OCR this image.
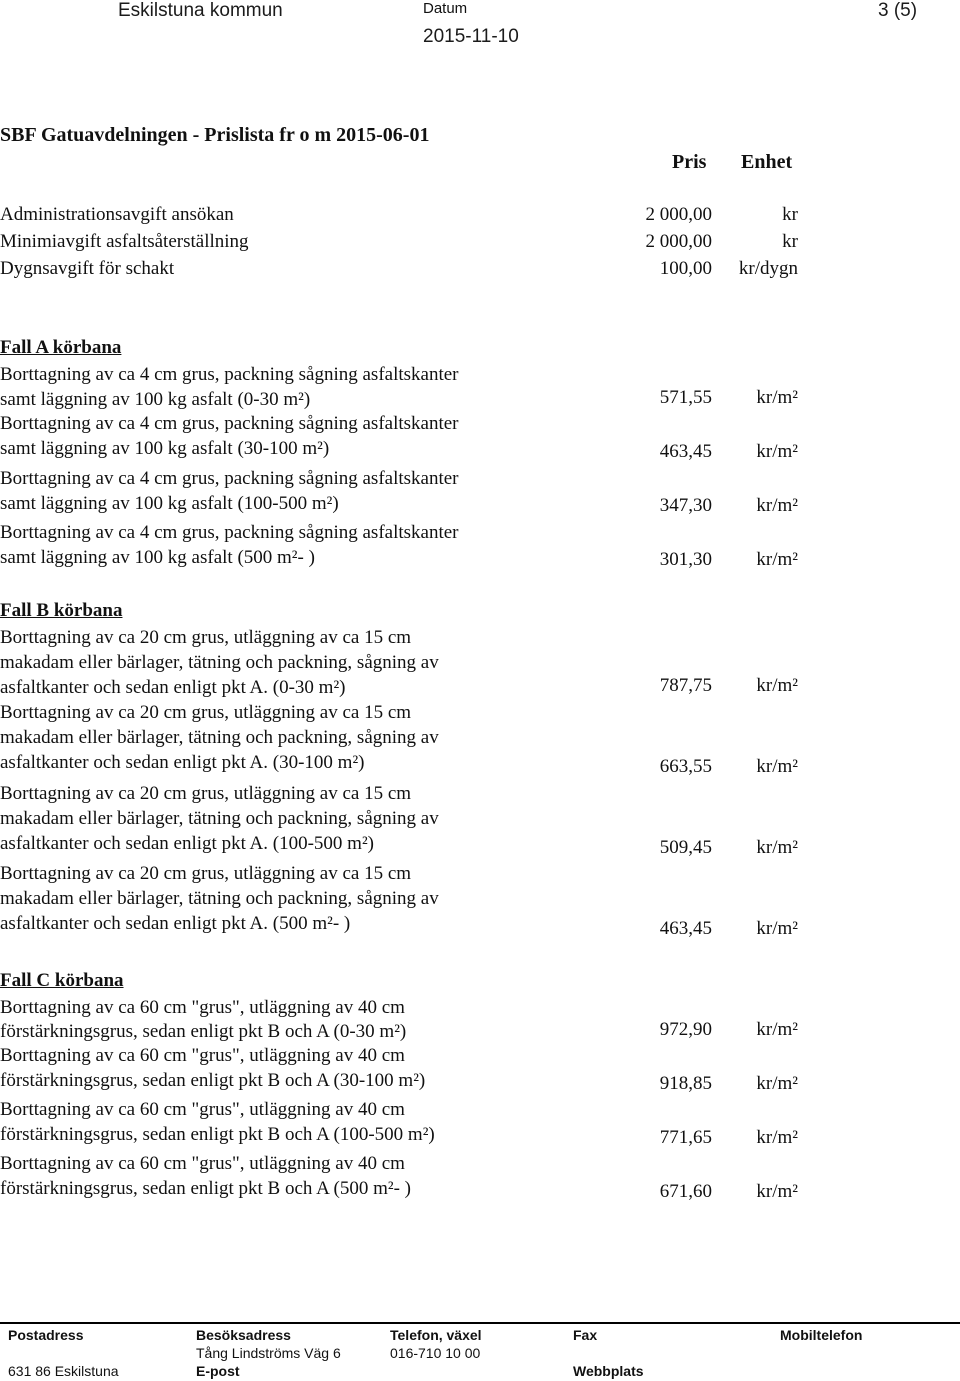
Eskilstuna kommun	Datum
2015-11-10
3 (5)
SBF Gatuavdelningen - Prislista fr o m 2015-06-01
Pris Enhet
Administrationsavgift ansökan	2 000,00	kr
Minimiavgift asfaltsåterställning	2 000,00	kr
Dygnsavgift för schakt	100,00	kr/dygn
Fall A körbana
Borttagning av ca 4 cm grus, packning sågning asfaltskanter
samt läggning av 100 kg asfalt (0-30 m²)	571,55	kr/m²
Borttagning av ca 4 cm grus, packning sågning asfaltskanter
samt läggning av 100 kg asfalt (30-100 m²)	463,45	kr/m²
Borttagning av ca 4 cm grus, packning sågning asfaltskanter
samt läggning av 100 kg asfalt (100-500 m²)	347,30	kr/m²
Borttagning av ca 4 cm grus, packning sågning asfaltskanter
samt läggning av 100 kg asfalt (500 m²- )	301,30	kr/m²
Fall B körbana
Borttagning av ca 20 cm grus, utläggning av ca 15 cm
makadam eller bärlager, tätning och packning, sågning av
asfaltkanter och sedan enligt pkt A. (0-30 m²)	787,75	kr/m²
Borttagning av ca 20 cm grus, utläggning av ca 15 cm
makadam eller bärlager, tätning och packning, sågning av
asfaltkanter och sedan enligt pkt A. (30-100 m²)	663,55	kr/m²
Borttagning av ca 20 cm grus, utläggning av ca 15 cm
makadam eller bärlager, tätning och packning, sågning av
asfaltkanter och sedan enligt pkt A. (100-500 m²)	509,45	kr/m²
Borttagning av ca 20 cm grus, utläggning av ca 15 cm
makadam eller bärlager, tätning och packning, sågning av
asfaltkanter och sedan enligt pkt A. (500 m²- )	463,45	kr/m²
Fall C körbana
Borttagning av ca 60 cm "grus", utläggning av 40 cm
förstärkningsgrus, sedan enligt pkt B och A (0-30 m²)	972,90	kr/m²
Borttagning av ca 60 cm "grus", utläggning av 40 cm
förstärkningsgrus, sedan enligt pkt B och A (30-100 m²)	918,85	kr/m²
Borttagning av ca 60 cm "grus", utläggning av 40 cm
förstärkningsgrus, sedan enligt pkt B och A (100-500 m²)	771,65	kr/m²
Borttagning av ca 60 cm "grus", utläggning av 40 cm
förstärkningsgrus, sedan enligt pkt B och A (500 m²- )	671,60	kr/m²
Postadress
631 86 Eskilstuna
Besöksadress
Tång Lindströms Väg 6
E-post
Telefon, växel
016-710 10 00
Fax
Webbplats
Mobiltelefon
